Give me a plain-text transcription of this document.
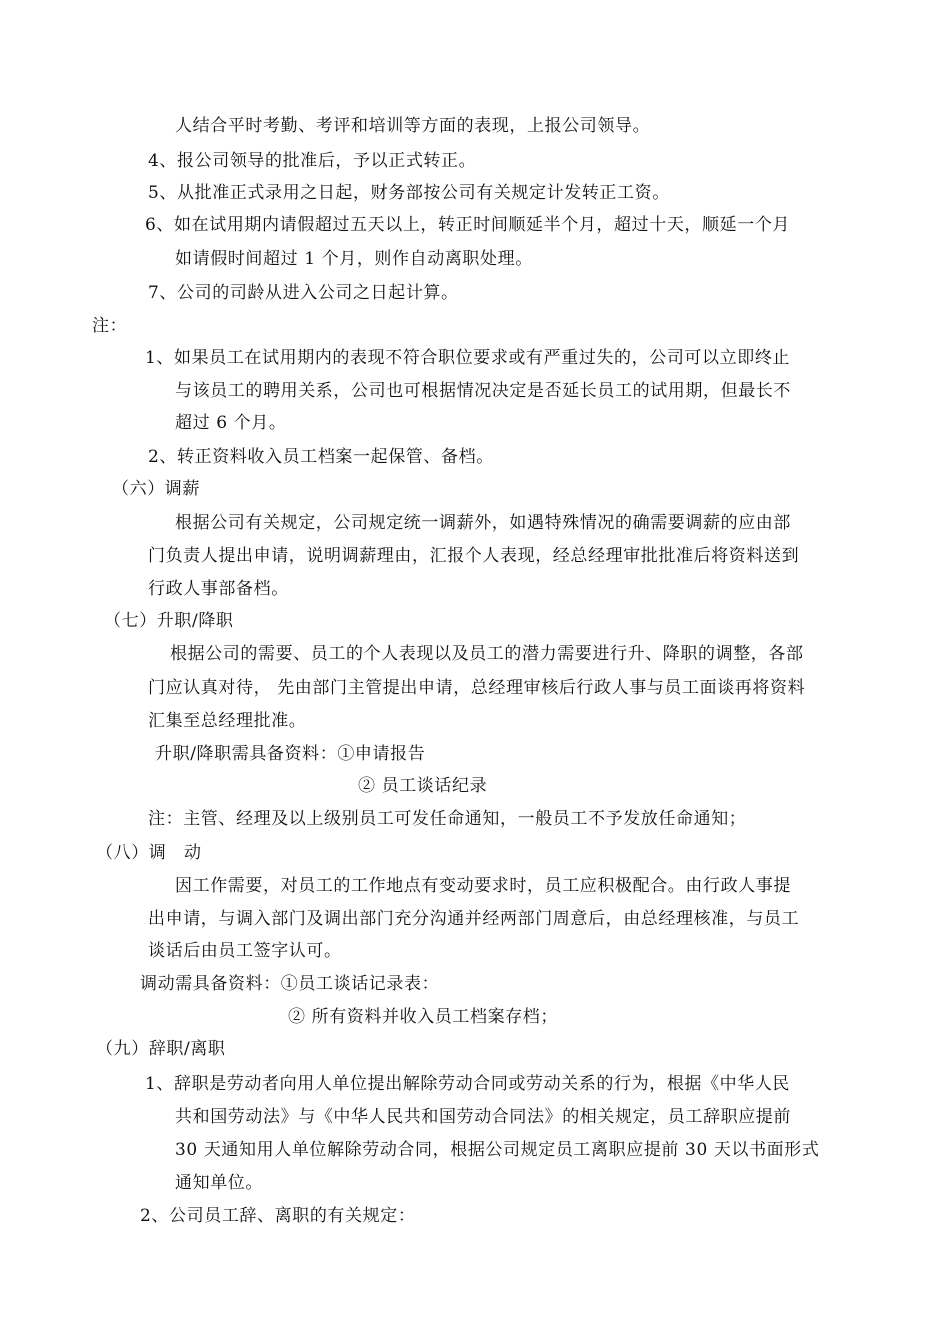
人结合平时考勤、考评和培训等方面的表现，上报公司领导。
4、报公司领导的批准后，予以正式转正。
5、从批准正式录用之日起，财务部按公司有关规定计发转正工资。
6、如在试用期内请假超过五天以上，转正时间顺延半个月，超过十天，顺延一个月
如请假时间超过 1 个月，则作自动离职处理。
7、公司的司龄从进入公司之日起计算。
注：
1、如果员工在试用期内的表现不符合职位要求或有严重过失的，公司可以立即终止
与该员工的聘用关系，公司也可根据情况决定是否延长员工的试用期，但最长不
超过 6 个月。
2、转正资料收入员工档案一起保管、备档。
（六）调薪
根据公司有关规定，公司规定统一调薪外，如遇特殊情况的确需要调薪的应由部
门负责人提出申请，说明调薪理由，汇报个人表现，经总经理审批批准后将资料送到
行政人事部备档。
（七）升职/降职
根据公司的需要、员工的个人表现以及员工的潜力需要进行升、降职的调整，各部
门应认真对待， 先由部门主管提出申请，总经理审核后行政人事与员工面谈再将资料
汇集至总经理批准。
升职/降职需具备资料：①申请报告
② 员工谈话纪录
注：主管、经理及以上级别员工可发任命通知，一般员工不予发放任命通知；
（八）调　动
因工作需要，对员工的工作地点有变动要求时，员工应积极配合。由行政人事提
出申请，与调入部门及调出部门充分沟通并经两部门周意后，由总经理核准，与员工
谈话后由员工签字认可。
调动需具备资料：①员工谈话记录表：
② 所有资料并收入员工档案存档；
（九）辞职/离职
1、辞职是劳动者向用人单位提出解除劳动合同或劳动关系的行为，根据《中华人民
共和国劳动法》与《中华人民共和国劳动合同法》的相关规定，员工辞职应提前
30 天通知用人单位解除劳动合同，根据公司规定员工离职应提前 30 天以书面形式
通知单位。
2、公司员工辞、离职的有关规定：
